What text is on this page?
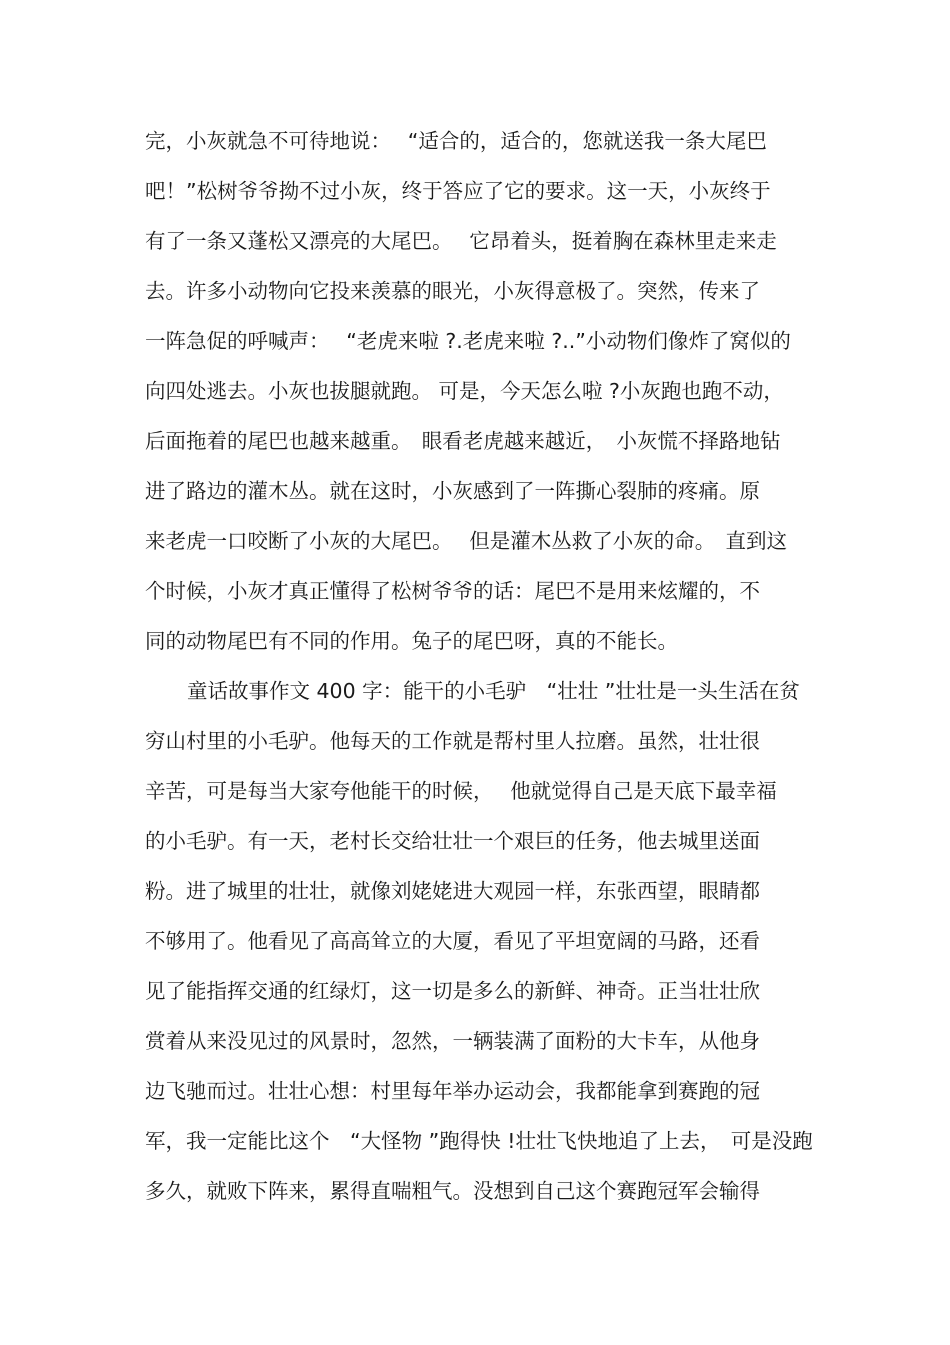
完，小灰就急不可待地说：　 “适合的，适合的，您就送我一条大尾巴
吧！”松树爷爷拗不过小灰，终于答应了它的要求。这一天，小灰终于
有了一条又蓬松又漂亮的大尾巴。　 它昂着头，挺着胸在森林里走来走
去。许多小动物向它投来羡慕的眼光，小灰得意极了。突然，传来了
一阵急促的呼喊声：　 “老虎来啦 ?.老虎来啦 ?..”小动物们像炸了窝似的
向四处逃去。小灰也拔腿就跑。 可是，今天怎么啦 ?小灰跑也跑不动，
后面拖着的尾巴也越来越重。　眼看老虎越来越近，　小灰慌不择路地钻
进了路边的灌木丛。就在这时，小灰感到了一阵撕心裂肺的疼痛。原
来老虎一口咬断了小灰的大尾巴。　 但是灌木丛救了小灰的命。　直到这
个时候，小灰才真正懂得了松树爷爷的话：尾巴不是用来炫耀的，不
同的动物尾巴有不同的作用。兔子的尾巴呀，真的不能长。
童话故事作文 400 字：能干的小毛驴　“壮壮 ”壮壮是一头生活在贫
穷山村里的小毛驴。他每天的工作就是帮村里人拉磨。虽然，壮壮很
辛苦，可是每当大家夸他能干的时候，　 他就觉得自己是天底下最幸福
的小毛驴。有一天，老村长交给壮壮一个艰巨的任务，他去城里送面
粉。进了城里的壮壮，就像刘姥姥进大观园一样，东张西望，眼睛都
不够用了。他看见了高高耸立的大厦，看见了平坦宽阔的马路，还看
见了能指挥交通的红绿灯，这一切是多么的新鲜、神奇。正当壮壮欣
赏着从来没见过的风景时，忽然，一辆装满了面粉的大卡车，从他身
边飞驰而过。壮壮心想：村里每年举办运动会，我都能拿到赛跑的冠
军，我一定能比这个　“大怪物 ”跑得快 !壮壮飞快地追了上去，　可是没跑
多久，就败下阵来，累得直喘粗气。没想到自己这个赛跑冠军会输得
